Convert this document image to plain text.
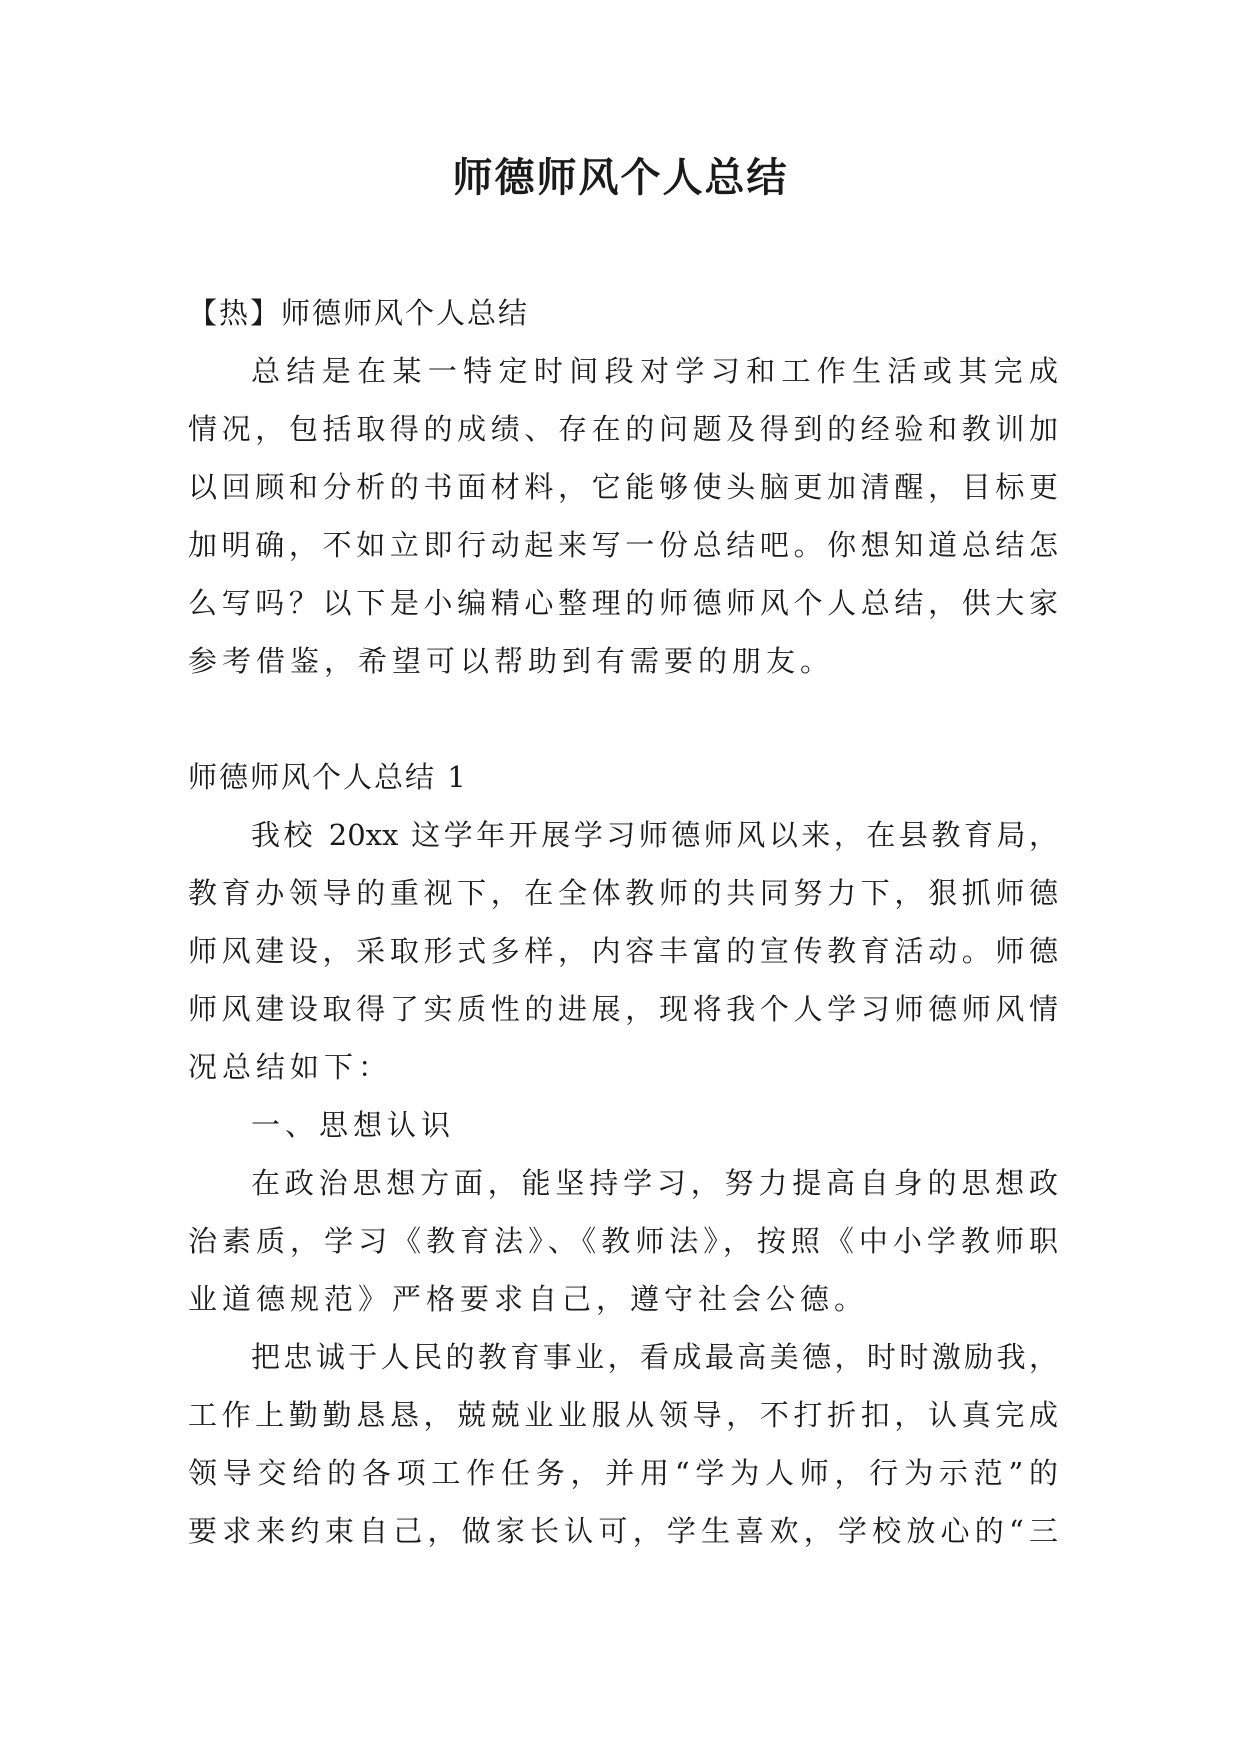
师德师风个人总结
【热】师德师风个人总结
总结是在某一特定时间段对学习和工作生活或其完成
情况，包括取得的成绩、存在的问题及得到的经验和教训加
以回顾和分析的书面材料，它能够使头脑更加清醒，目标更
加明确，不如立即行动起来写一份总结吧。你想知道总结怎
么写吗？以下是小编精心整理的师德师风个人总结，供大家
参考借鉴，希望可以帮助到有需要的朋友。
师德师风个人总结 1
我校 20xx 这学年开展学习师德师风以来，在县教育局，
教育办领导的重视下，在全体教师的共同努力下，狠抓师德
师风建设，采取形式多样，内容丰富的宣传教育活动。师德
师风建设取得了实质性的进展，现将我个人学习师德师风情
况总结如下：
一、思想认识
在政治思想方面，能坚持学习，努力提高自身的思想政
治素质，学习《教育法》、《教师法》，按照《中小学教师职
业道德规范》严格要求自己，遵守社会公德。
把忠诚于人民的教育事业，看成最高美德，时时激励我，
工作上勤勤恳恳，兢兢业业服从领导，不打折扣，认真完成
领导交给的各项工作任务，并用“学为人师，行为示范”的
要求来约束自己，做家长认可，学生喜欢，学校放心的“三
